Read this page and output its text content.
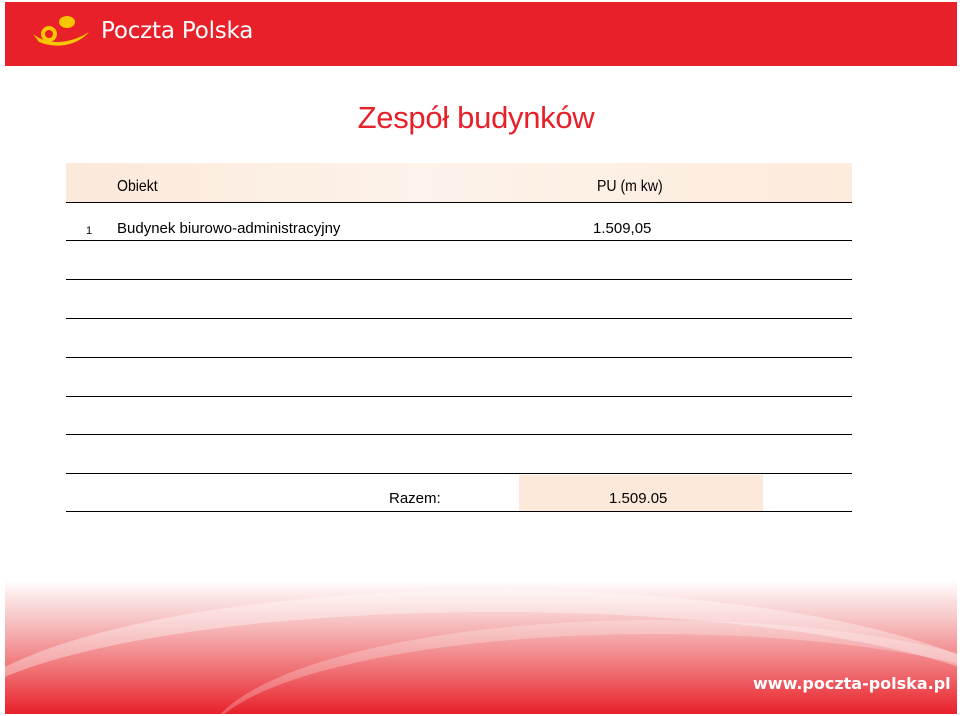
Poczta Polska
Zespół budynków
Obiekt	PU (m kw)
1 Budynek biurowo-administracyjny	1.509,05
Razem:	1.509.05
www.poczta-polska.pl
